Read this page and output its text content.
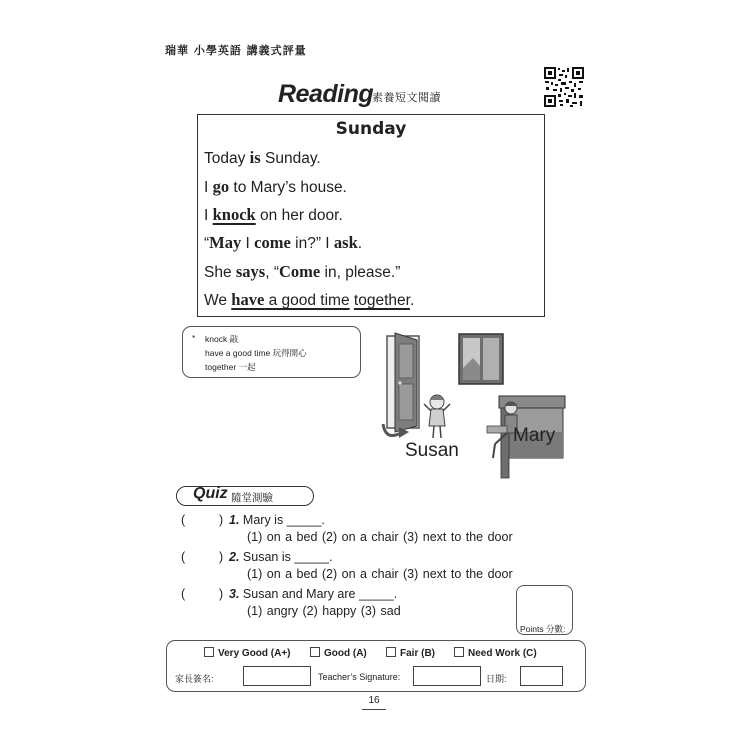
瑞華 小學英語 講義式評量
Reading
素養短文閱讀
Sunday
Today is Sunday.
I go to Mary’s house.
I knock on her door.
“May I come in?” I ask.
She says, “Come in, please.”
We have a good time together.
* knock 敲
have a good time 玩得開心
together 一起
Susan
Mary
Quiz 隨堂測驗
(	) 1. Mary is _____.
(1) on a bed (2) on a chair (3) next to the door
(	) 2. Susan is _____.
(1) on a bed (2) on a chair (3) next to the door
(	) 3. Susan and Mary are _____.
(1) angry (2) happy (3) sad
Points 分數:
Very Good (A+)	Good (A)	Fair (B)	Need Work (C)
家長簽名:	Teacher’s Signature:	日期:
16
